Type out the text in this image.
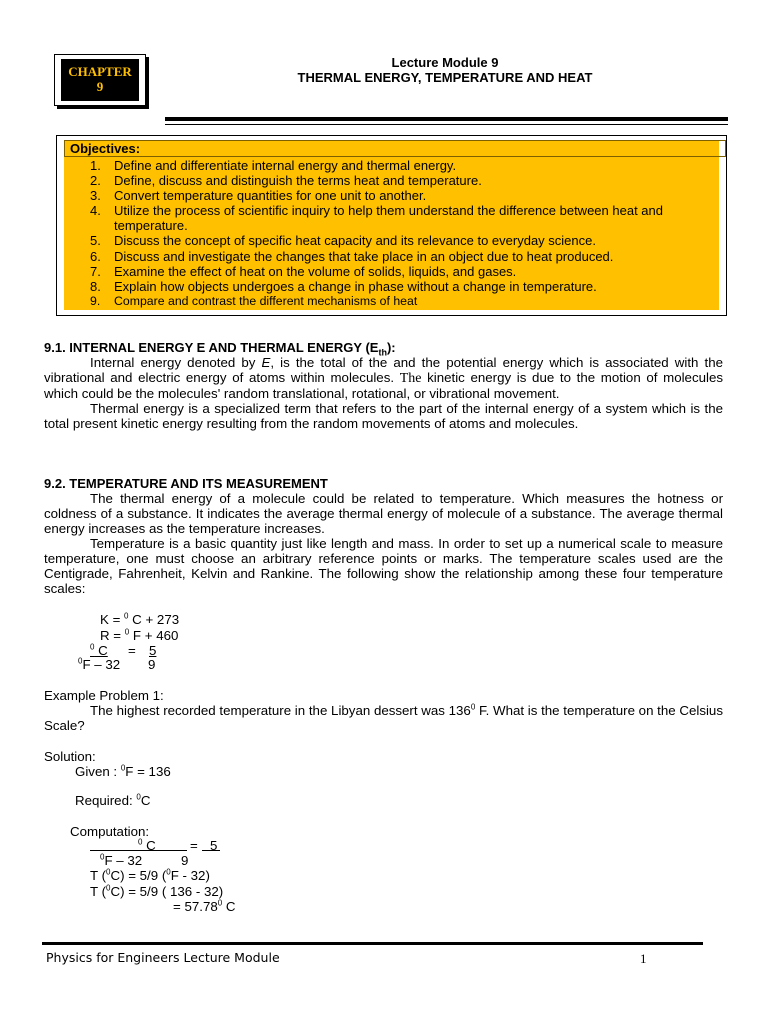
CHAPTER
9
Lecture Module 9
THERMAL ENERGY, TEMPERATURE AND HEAT
Objectives:
1. Define and differentiate internal energy and thermal energy.
2. Define, discuss and distinguish the terms heat and temperature.
3. Convert temperature quantities for one unit to another.
4. Utilize the process of scientific inquiry to help them understand the difference between heat and temperature.
5. Discuss the concept of specific heat capacity and its relevance to everyday science.
6. Discuss and investigate the changes that take place in an object due to heat produced.
7. Examine the effect of heat on the volume of solids, liquids, and gases.
8. Explain how objects undergoes a change in phase without a change in temperature.
9. Compare and contrast the different mechanisms of heat
9.1. INTERNAL ENERGY E AND THERMAL ENERGY $(E_{th})$:

Internal energy denoted by E, is the total of the and the potential energy which is associated with the vibrational and electric energy of atoms within molecules. The kinetic energy is due to the motion of molecules which could be the molecules' random translational, rotational, or vibrational movement.

Thermal energy is a specialized term that refers to the part of the internal energy of a system which is the total present kinetic energy resulting from the random movements of atoms and molecules.

9.2. TEMPERATURE AND ITS MEASUREMENT

The thermal energy of a molecule could be related to temperature. Which measures the hotness or coldness of a substance. It indicates the average thermal energy of molecule of a substance. The average thermal energy increases as the temperature increases.

Temperature is a basic quantity just like length and mass. In order to set up a numerical scale to measure temperature, one must choose an arbitrary reference points or marks. The temperature scales used are the Centigrade, Fahrenheit, Kelvin and Rankine. The following show the relationship among these four temperature scales:

K = $^0$ C + 273
R = $^0$ F + 460
$^0$ C = 5
$^0$F – 32 9
Example Problem 1:

The highest recorded temperature in the Libyan dessert was $136^0$ F. What is the temperature on the Celsius Scale?

Solution:
Given : $^0$F = 136
Required: $^0$C
Computation:
$^0$ C	= 5
$^0$F – 32	9
T ($^0$C) = 5/9 ($^0$F - 32)
T ($^0$C) = 5/9 ( 136 - 32)
= $57.78^0$ C
Physics for Engineers Lecture Module	1
